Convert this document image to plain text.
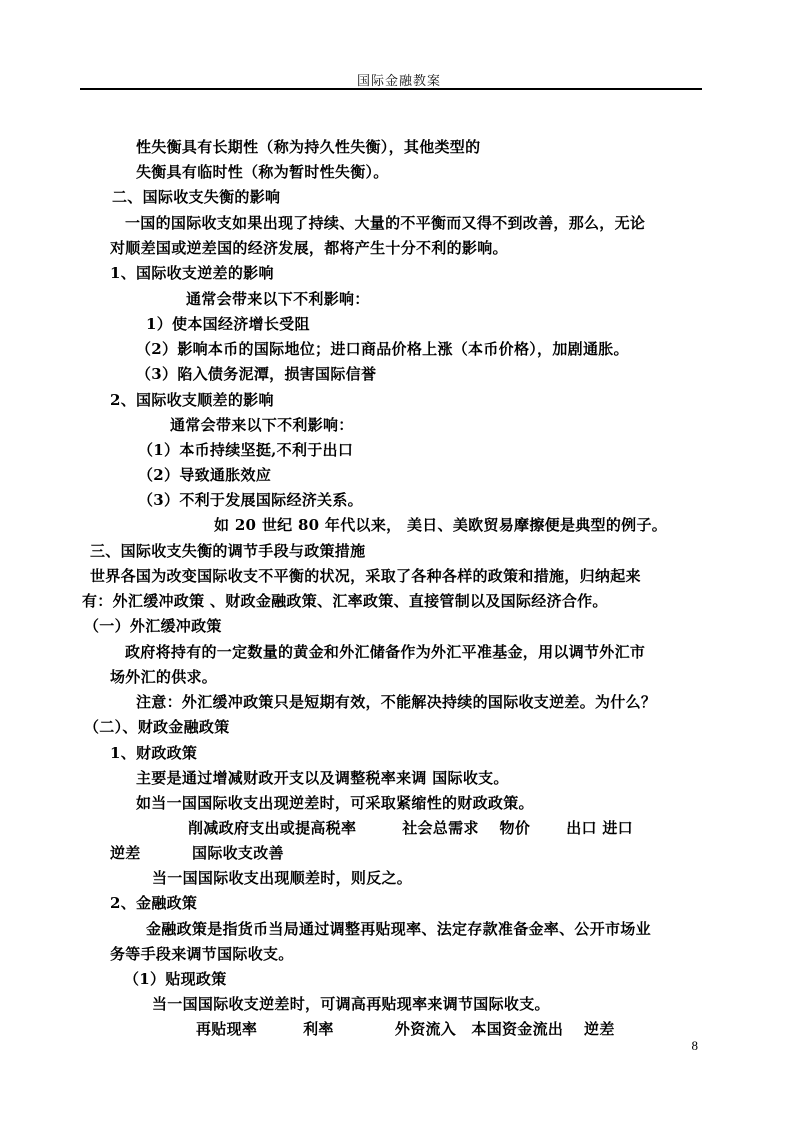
国际金融教案
性失衡具有长期性（称为持久性失衡），其他类型的
失衡具有临时性（称为暂时性失衡）。
二、国际收支失衡的影响
一国的国际收支如果出现了持续、大量的不平衡而又得不到改善，那么，无论
对顺差国或逆差国的经济发展，都将产生十分不利的影响。
1、国际收支逆差的影响
通常会带来以下不利影响：
1）使本国经济增长受阻
（2）影响本币的国际地位；进口商品价格上涨（本币价格），加剧通胀。
（3）陷入债务泥潭，损害国际信誉
2、国际收支顺差的影响
通常会带来以下不利影响：
（1）本币持续坚挺,不利于出口
（2）导致通胀效应
（3）不利于发展国际经济关系。
如 20 世纪 80 年代以来， 美日、美欧贸易摩擦便是典型的例子。
三、国际收支失衡的调节手段与政策措施
世界各国为改变国际收支不平衡的状况，采取了各种各样的政策和措施，归纳起来
有：外汇缓冲政策 、财政金融政策、汇率政策、直接管制以及国际经济合作。
（一）外汇缓冲政策
政府将持有的一定数量的黄金和外汇储备作为外汇平准基金，用以调节外汇市
场外汇的供求。
注意：外汇缓冲政策只是短期有效，不能解决持续的国际收支逆差。为什么？
（二）、财政金融政策
1、财政政策
主要是通过增减财政开支以及调整税率来调 国际收支。
如当一国国际收支出现逆差时，可采取紧缩性的财政政策。
削减政府支出或提高税率　　　社会总需求　 物价　　 出口 进口
逆差　　　 国际收支改善
当一国国际收支出现顺差时，则反之。
2、金融政策
金融政策是指货币当局通过调整再贴现率、法定存款准备金率、公开市场业
务等手段来调节国际收支。
（1）贴现政策
当一国国际收支逆差时，可调高再贴现率来调节国际收支。
再贴现率　　　利率　　　　外资流入　本国资金流出　 逆差
8
